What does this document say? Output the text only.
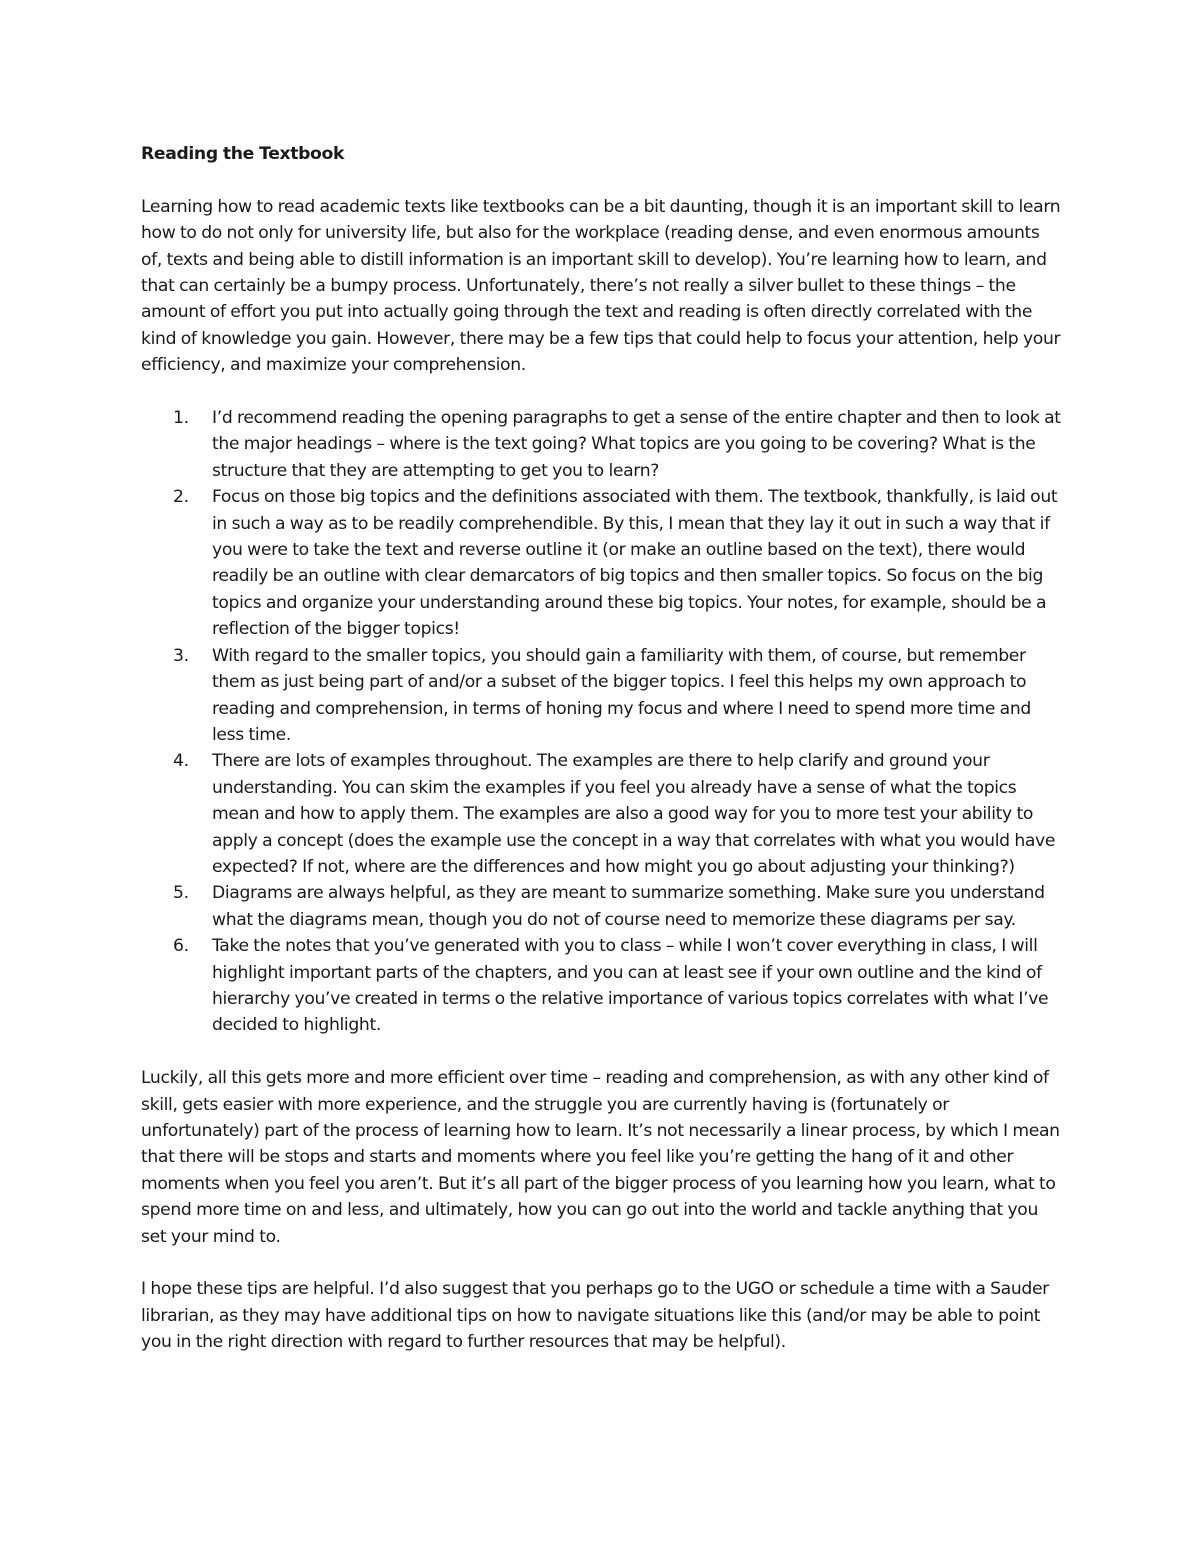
Reading the Textbook

Learning how to read academic texts like textbooks can be a bit daunting, though it is an important skill to learn how to do not only for university life, but also for the workplace (reading dense, and even enormous amounts of, texts and being able to distill information is an important skill to develop). You’re learning how to learn, and that can certainly be a bumpy process. Unfortunately, there’s not really a silver bullet to these things – the amount of effort you put into actually going through the text and reading is often directly correlated with the kind of knowledge you gain. However, there may be a few tips that could help to focus your attention, help your efficiency, and maximize your comprehension.

1. I’d recommend reading the opening paragraphs to get a sense of the entire chapter and then to look at the major headings – where is the text going? What topics are you going to be covering? What is the structure that they are attempting to get you to learn?
2. Focus on those big topics and the definitions associated with them. The textbook, thankfully, is laid out in such a way as to be readily comprehendible. By this, I mean that they lay it out in such a way that if you were to take the text and reverse outline it (or make an outline based on the text), there would readily be an outline with clear demarcators of big topics and then smaller topics. So focus on the big topics and organize your understanding around these big topics. Your notes, for example, should be a reflection of the bigger topics!
3. With regard to the smaller topics, you should gain a familiarity with them, of course, but remember them as just being part of and/or a subset of the bigger topics. I feel this helps my own approach to reading and comprehension, in terms of honing my focus and where I need to spend more time and less time.
4. There are lots of examples throughout. The examples are there to help clarify and ground your understanding. You can skim the examples if you feel you already have a sense of what the topics mean and how to apply them. The examples are also a good way for you to more test your ability to apply a concept (does the example use the concept in a way that correlates with what you would have expected? If not, where are the differences and how might you go about adjusting your thinking?)
5. Diagrams are always helpful, as they are meant to summarize something. Make sure you understand what the diagrams mean, though you do not of course need to memorize these diagrams per say.
6. Take the notes that you’ve generated with you to class – while I won’t cover everything in class, I will highlight important parts of the chapters, and you can at least see if your own outline and the kind of hierarchy you’ve created in terms o the relative importance of various topics correlates with what I’ve decided to highlight.

Luckily, all this gets more and more efficient over time – reading and comprehension, as with any other kind of skill, gets easier with more experience, and the struggle you are currently having is (fortunately or unfortunately) part of the process of learning how to learn. It’s not necessarily a linear process, by which I mean that there will be stops and starts and moments where you feel like you’re getting the hang of it and other moments when you feel you aren’t. But it’s all part of the bigger process of you learning how you learn, what to spend more time on and less, and ultimately, how you can go out into the world and tackle anything that you set your mind to.

I hope these tips are helpful. I’d also suggest that you perhaps go to the UGO or schedule a time with a Sauder librarian, as they may have additional tips on how to navigate situations like this (and/or may be able to point you in the right direction with regard to further resources that may be helpful).
